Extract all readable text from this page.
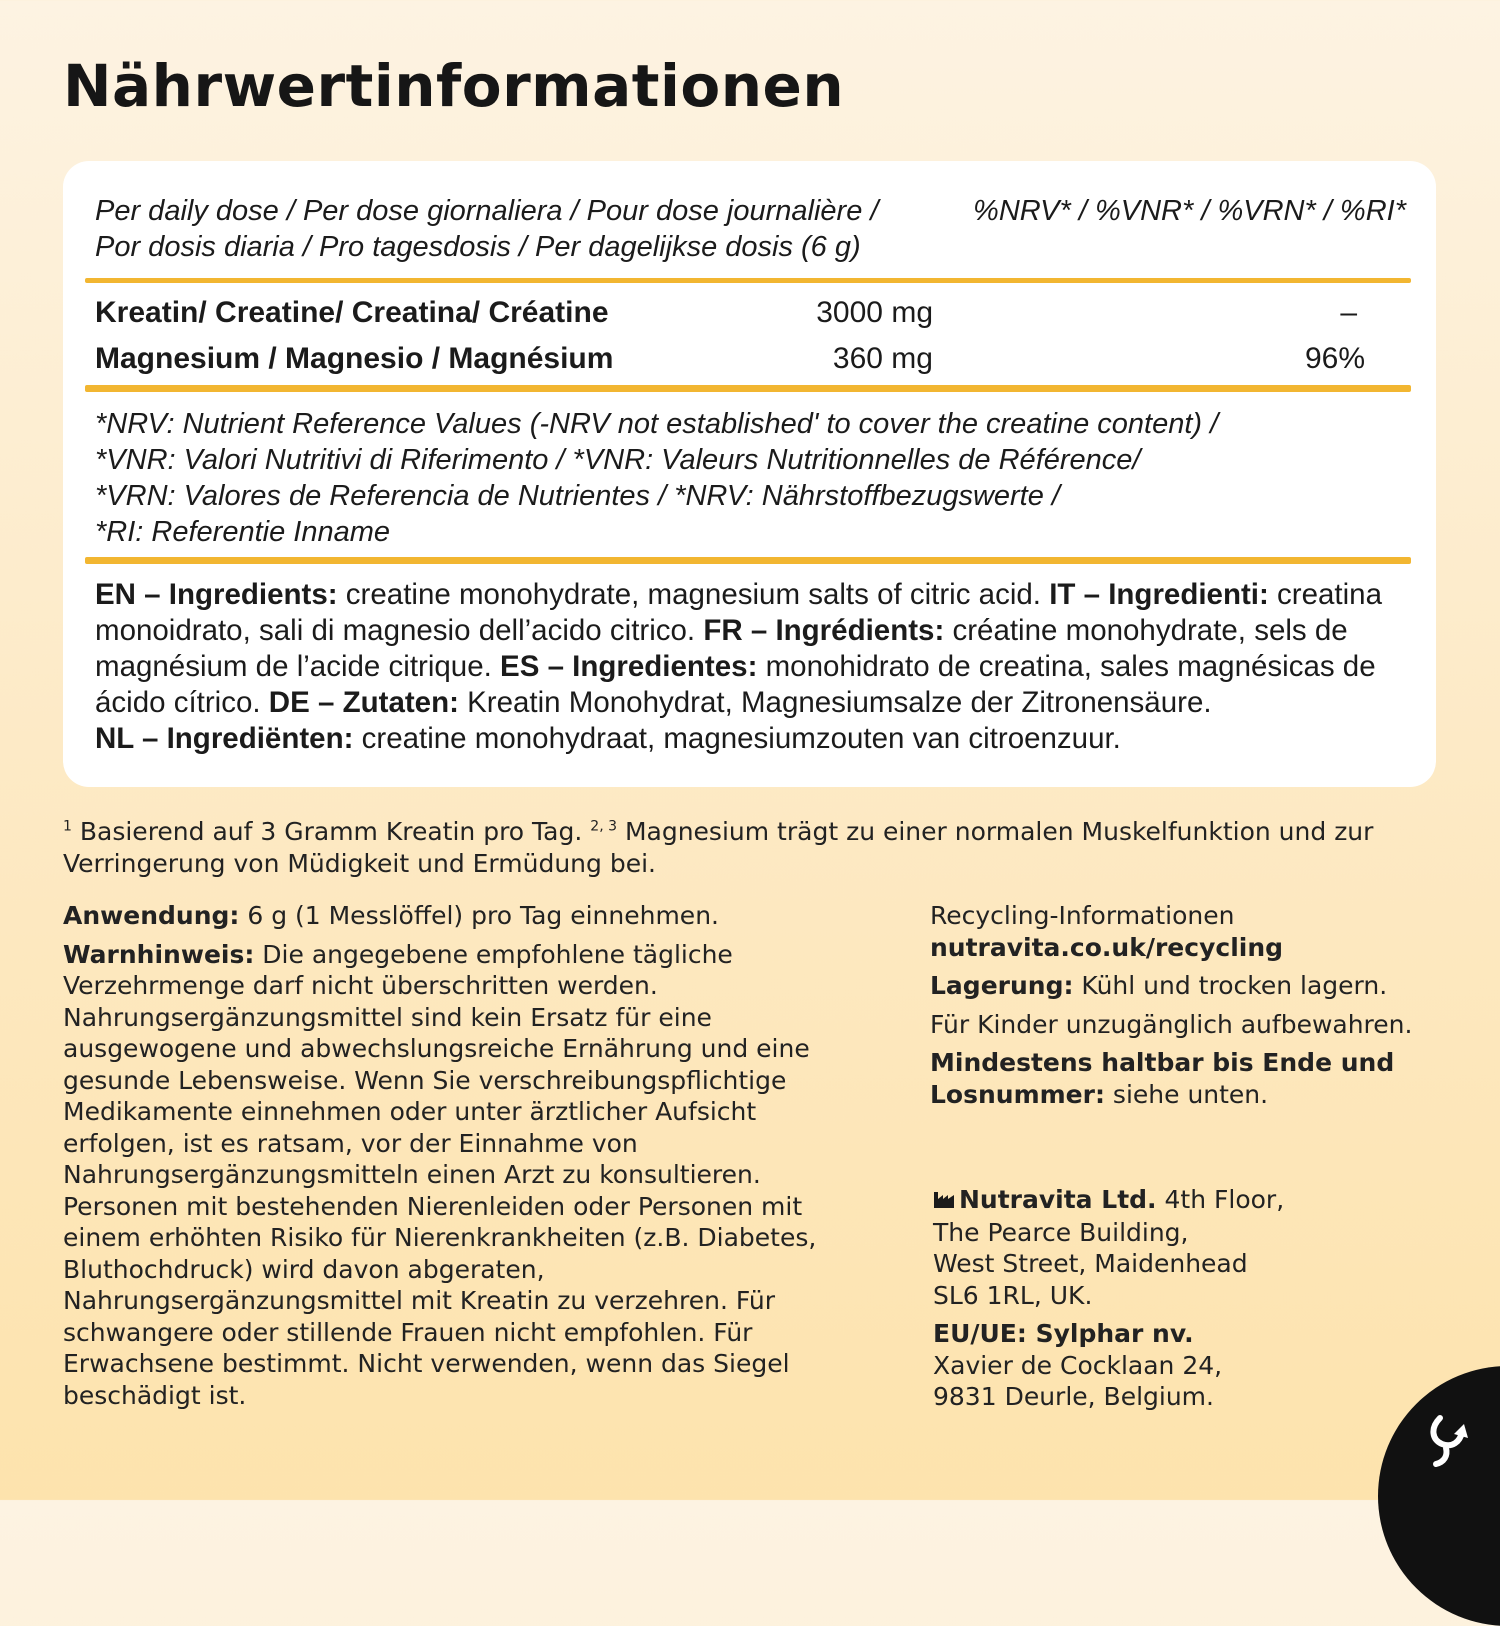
Nährwertinformationen
Per daily dose / Per dose giornaliera / Pour dose journalière /
Por dosis diaria / Pro tagesdosis / Per dagelijkse dosis (6 g)
%NRV* / %VNR* / %VRN* / %RI*
Kreatin/ Creatine/ Creatina/ Créatine	3000 mg	–
Magnesium / Magnesio / Magnésium	360 mg	96%
*NRV: Nutrient Reference Values (-NRV not established' to cover the creatine content) /
*VNR: Valori Nutritivi di Riferimento / *VNR: Valeurs Nutritionnelles de Référence/
*VRN: Valores de Referencia de Nutrientes / *NRV: Nährstoffbezugswerte /
*RI: Referentie Inname
EN – Ingredients: creatine monohydrate, magnesium salts of citric acid. IT – Ingredienti: creatina monoidrato, sali di magnesio dell’acido citrico. FR – Ingrédients: créatine monohydrate, sels de magnésium de l’acide citrique. ES – Ingredientes: monohidrato de creatina, sales magnésicas de ácido cítrico. DE – Zutaten: Kreatin Monohydrat, Magnesiumsalze der Zitronensäure.
NL – Ingrediënten: creatine monohydraat, magnesiumzouten van citroenzuur.
$^1$ Basierend auf 3 Gramm Kreatin pro Tag. $^{2, 3}$ Magnesium trägt zu einer normalen Muskelfunktion und zur Verringerung von Müdigkeit und Ermüdung bei.

Anwendung: 6 g (1 Messlöffel) pro Tag einnehmen.

Warnhinweis: Die angegebene empfohlene tägliche Verzehrmenge darf nicht überschritten werden. Nahrungsergänzungsmittel sind kein Ersatz für eine ausgewogene und abwechslungsreiche Ernährung und eine gesunde Lebensweise. Wenn Sie verschreibungspflichtige Medikamente einnehmen oder unter ärztlicher Aufsicht erfolgen, ist es ratsam, vor der Einnahme von Nahrungsergänzungsmitteln einen Arzt zu konsultieren. Personen mit bestehenden Nierenleiden oder Personen mit einem erhöhten Risiko für Nierenkrankheiten (z.B. Diabetes, Bluthochdruck) wird davon abgeraten, Nahrungsergänzungsmittel mit Kreatin zu verzehren. Für schwangere oder stillende Frauen nicht empfohlen. Für Erwachsene bestimmt. Nicht verwenden, wenn das Siegel beschädigt ist.

Recycling-Informationen
nutravita.co.uk/recycling

Lagerung: Kühl und trocken lagern.

Für Kinder unzugänglich aufbewahren.

Mindestens haltbar bis Ende und Losnummer: siehe unten.

Nutravita Ltd. 4th Floor,
The Pearce Building,
West Street, Maidenhead
SL6 1RL, UK.

EU/UE: Sylphar nv.
Xavier de Cocklaan 24,
9831 Deurle, Belgium.
